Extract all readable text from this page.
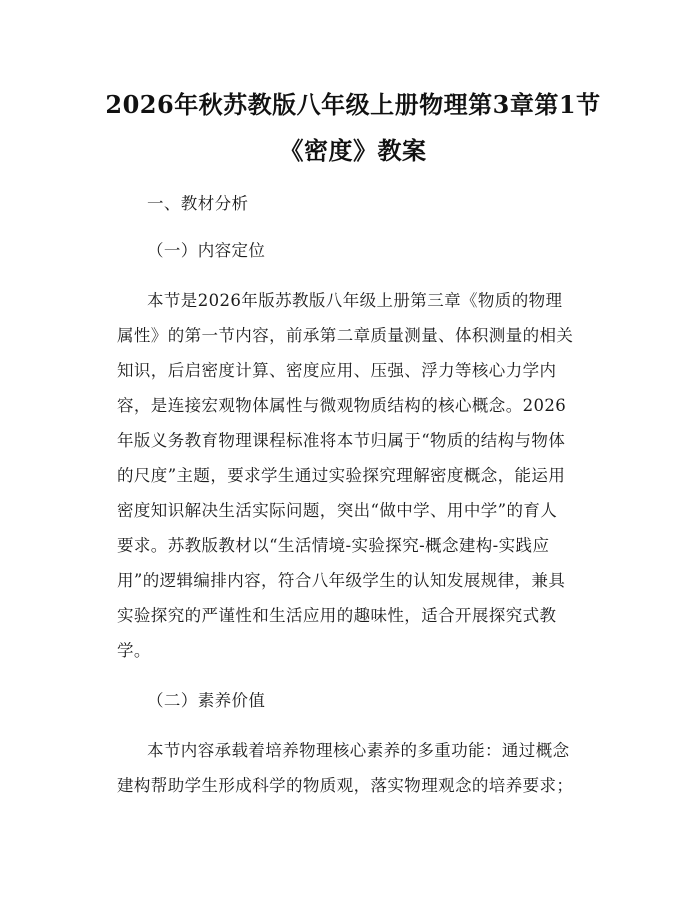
2026年秋苏教版八年级上册物理第3章第1节《密度》教案

一、教材分析

（一）内容定位

本节是2026年版苏教版八年级上册第三章《物质的物理

属性》的第一节内容，前承第二章质量测量、体积测量的相关

知识，后启密度计算、密度应用、压强、浮力等核心力学内

容，是连接宏观物体属性与微观物质结构的核心概念。2026

年版义务教育物理课程标准将本节归属于“物质的结构与物体

的尺度”主题，要求学生通过实验探究理解密度概念，能运用

密度知识解决生活实际问题，突出“做中学、用中学”的育人

要求。苏教版教材以“生活情境-实验探究-概念建构-实践应

用”的逻辑编排内容，符合八年级学生的认知发展规律，兼具

实验探究的严谨性和生活应用的趣味性，适合开展探究式教

学。

（二）素养价值

本节内容承载着培养物理核心素养的多重功能：通过概念

建构帮助学生形成科学的物质观，落实物理观念的培养要求；
